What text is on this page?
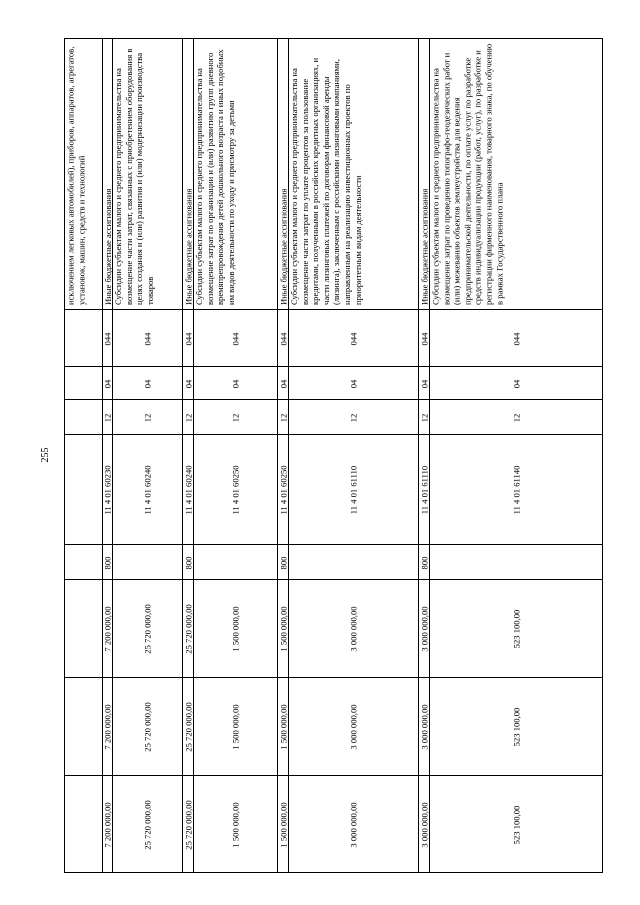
255
исключением легковых автомобилей), приборов, аппаратов, агрегатов, установок, машин, средств и технологий	Иные бюджетные ассигнования
044
04
12
11 4 01 60230
800
7 200 000,00
7 200 000,00
7 200 000,00
Субсидии субъектам малого и среднего предпринимательства на возмещение части затрат, связанных с приобретением оборудования в целях создания и (или) развития и (или) модернизации производства товаров
044
04
12
11 4 01 60240
25 720 000,00
25 720 000,00
25 720 000,00
Иные бюджетные ассигнования
044
04
12
11 4 01 60240
800
25 720 000,00
25 720 000,00
25 720 000,00
Субсидии субъектам малого и среднего предпринимательства на возмещение затрат по организации и (или) развитию групп дневного времяпрепровождения детей дошкольного возраста и иных подобных им видов деятельности по уходу и присмотру за детьми
044
04
12
11 4 01 60250
1 500 000,00
1 500 000,00
1 500 000,00
Иные бюджетные ассигнования
044
04
12
11 4 01 60250
800
1 500 000,00
1 500 000,00
1 500 000,00
Субсидии субъектам малого и среднего предпринимательства на возмещение части затрат по уплате процентов за пользование кредитами, полученными в российских кредитных организациях, и части лизинговых платежей по договорам финансовой аренды (лизинга), заключенным с российскими лизинговыми компаниями, направленным на реализацию инвестиционных проектов по приоритетным видам деятельности
044
04
12
11 4 01 61110
3 000 000,00
3 000 000,00
3 000 000,00
Иные бюджетные ассигнования
044
04
12
11 4 01 61110
800
3 000 000,00
3 000 000,00
3 000 000,00
Субсидии субъектам малого и среднего предпринимательства на возмещение затрат по проведению топографо-геодезических работ и (или) межеванию объектов землеустройства для ведения предпринимательской деятельности, по оплате услуг по разработке средств индивидуализации продукции (работ, услуг), по разработке и регистрации фирменного наименования, товарного знака, по обучению в рамках Государственного плана
044
04
12
11 4 01 61140
523 100,00
523 100,00
523 100,00
